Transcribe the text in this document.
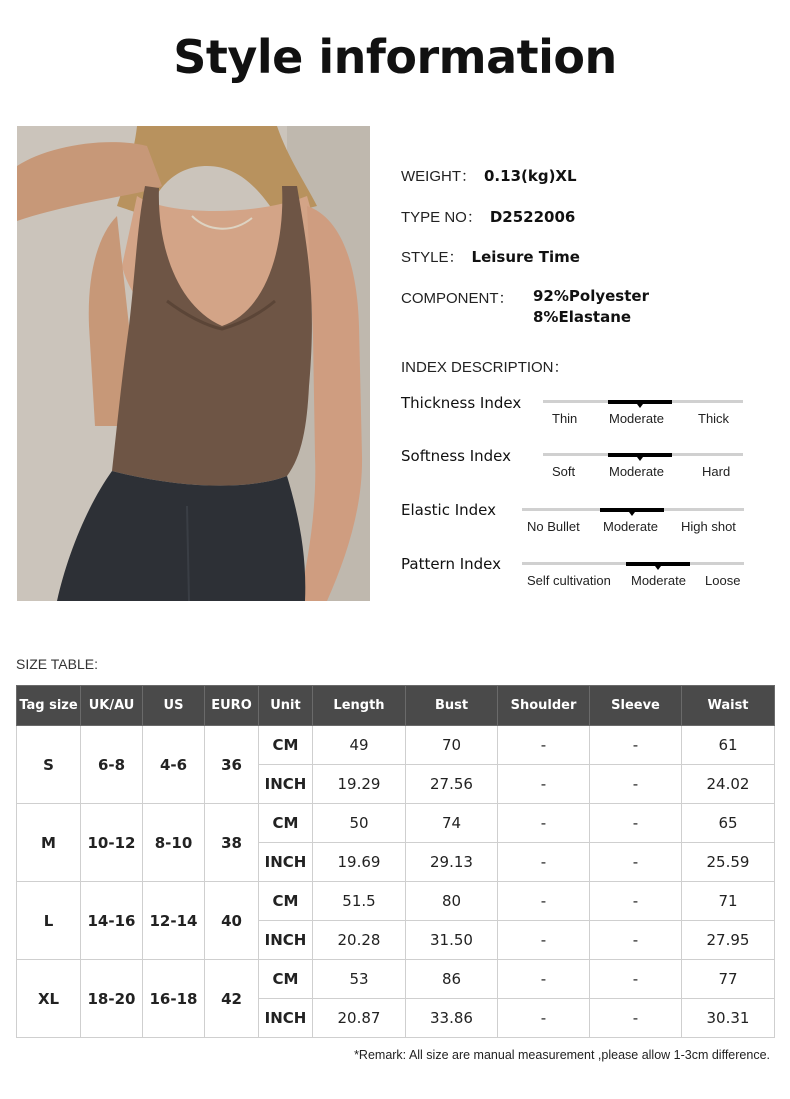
Style information
WEIGHT： 0.13(kg)XL
TYPE NO： D2522006
STYLE： Leisure Time
COMPONENT： 92%Polyester
8%Elastane
INDEX DESCRIPTION：
Thickness Index
Thin Moderate	Thick
Softness Index
Soft	Moderate	Hard
Elastic Index
No Bullet Moderate High shot
Pattern Index
Self cultivation Moderate Loose
SIZE TABLE:
Tag size	UK/AU	US	EURO	Unit	Length	Bust	Shoulder	Sleeve	Waist
S	6-8	4-6	36	CM	49	70	-	-	61
				INCH	19.29	27.56	-	-	24.02
M	10-12	8-10	38	CM	50	74	-	-	65
				INCH	19.69	29.13	-	-	25.59
L	14-16	12-14	40	CM	51.5	80	-	-	71
				INCH	20.28	31.50	-	-	27.95
XL	18-20	16-18	42	CM	53	86	-	-	77
				INCH	20.87	33.86	-	-	30.31
*Remark: All size are manual measurement ,please allow 1-3cm difference.
